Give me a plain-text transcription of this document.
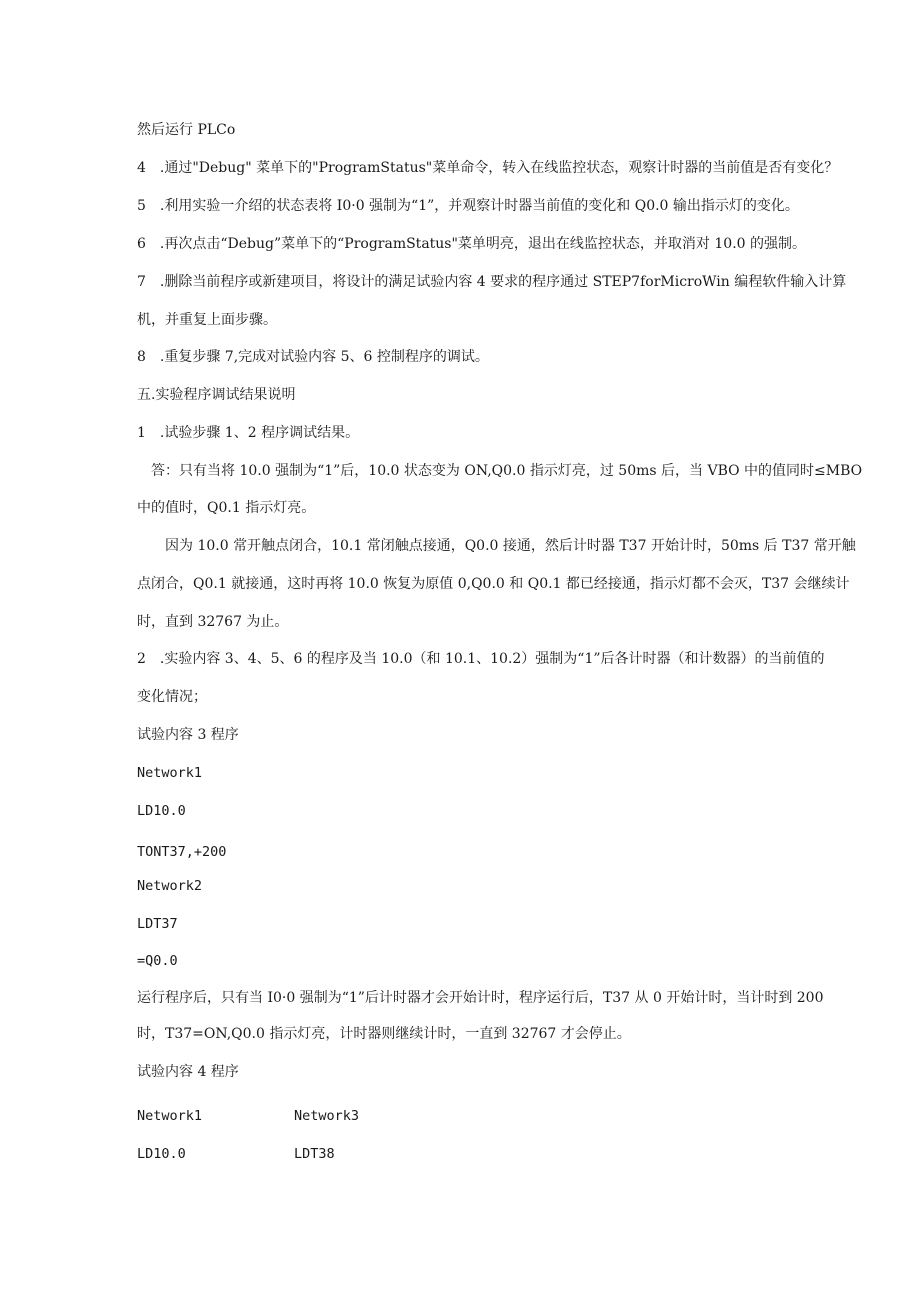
然后运行 PLCo

4　.通过"Debug" 菜单下的"ProgramStatus"菜单命令，转入在线监控状态，观察计时器的当前值是否有变化？

5　.利用实验一介绍的状态表将 I0·0 强制为“1”，并观察计时器当前值的变化和 Q0.0 输出指示灯的变化。

6　.再次点击“Debug”菜单下的“ProgramStatus"菜单明亮，退出在线监控状态，并取消对 10.0 的强制。

7　.删除当前程序或新建项目，将设计的满足试验内容 4 要求的程序通过 STEP7forMicroWin 编程软件输入计算

机，并重复上面步骤。

8　.重复步骤 7,完成对试验内容 5、6 控制程序的调试。

五.实验程序调试结果说明

1　.试验步骤 1、2 程序调试结果。

　答：只有当将 10.0 强制为“1”后，10.0 状态变为 ON,Q0.0 指示灯亮，过 50ms 后，当 VBO 中的值同时≤MBO

中的值时，Q0.1 指示灯亮。

　　因为 10.0 常开触点闭合，10.1 常闭触点接通，Q0.0 接通，然后计时器 T37 开始计时，50ms 后 T37 常开触

点闭合，Q0.1 就接通，这时再将 10.0 恢复为原值 0,Q0.0 和 Q0.1 都已经接通，指示灯都不会灭，T37 会继续计

时，直到 32767 为止。

2　.实验内容 3、4、5、6 的程序及当 10.0（和 10.1、10.2）强制为“1”后各计时器（和计数器）的当前值的

变化情况；

试验内容 3 程序

Network1

LD10.0

TONT37,+200

Network2

LDT37

=Q0.0

运行程序后，只有当 I0·0 强制为“1”后计时器才会开始计时，程序运行后，T37 从 0 开始计时，当计时到 200

时，T37=ON,Q0.0 指示灯亮，计时器则继续计时，一直到 32767 才会停止。

试验内容 4 程序

Network1	Network3

LD10.0	LDT38
